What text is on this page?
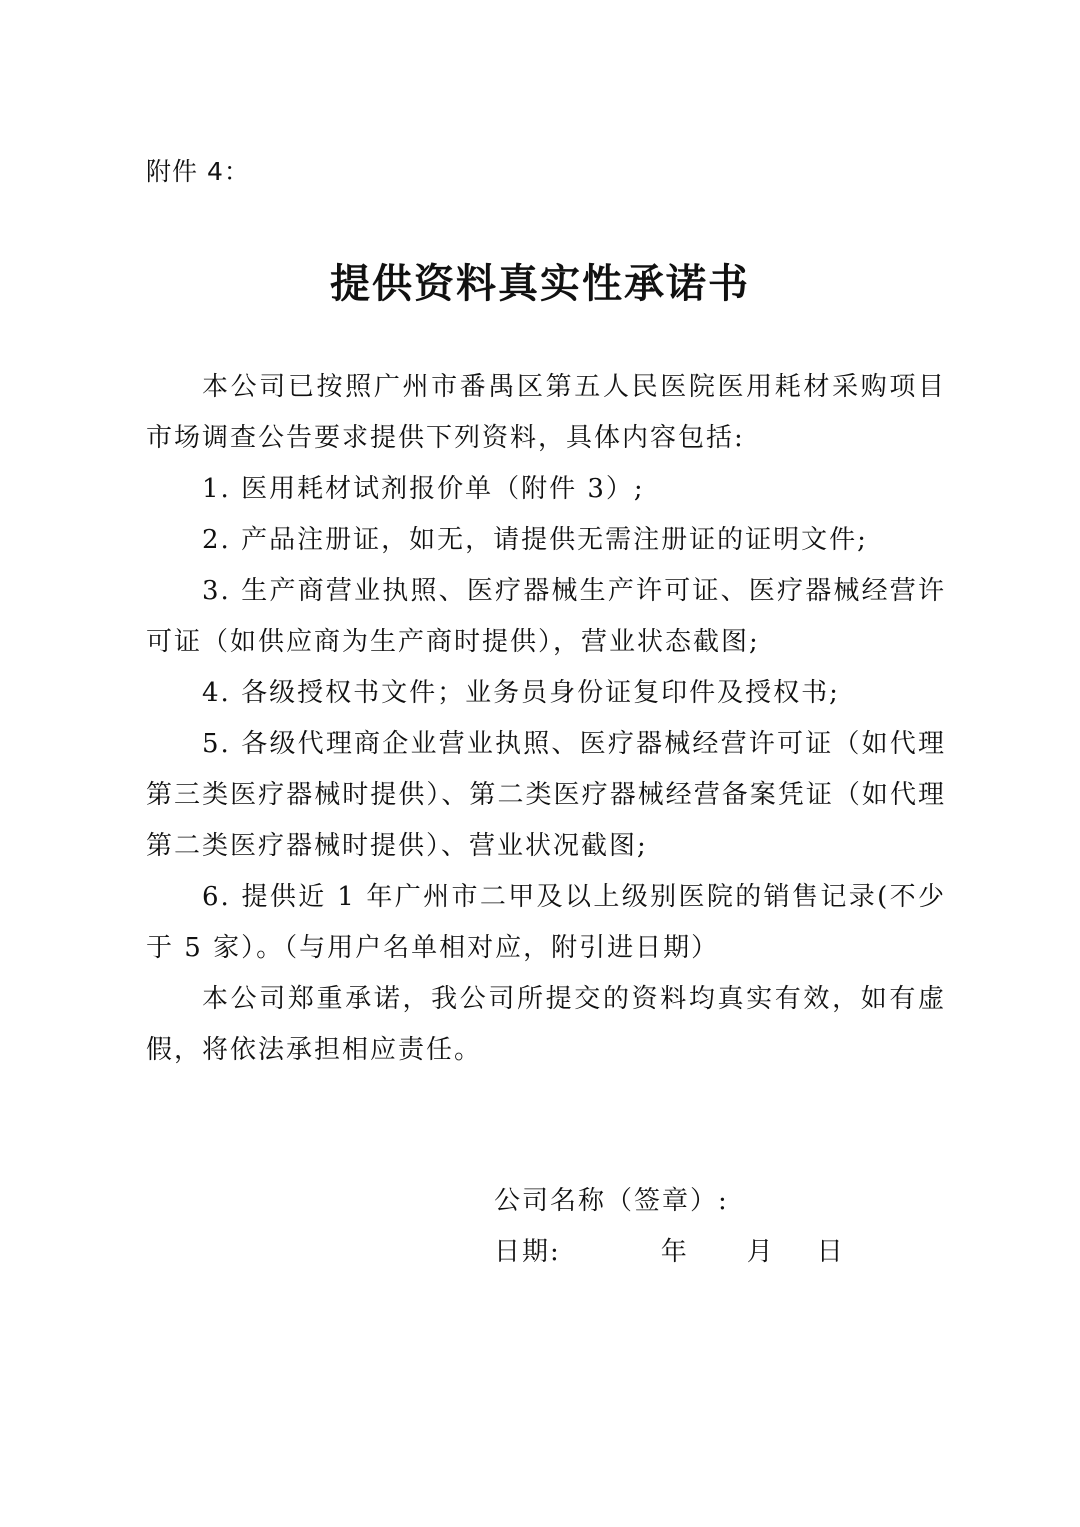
附件 4：
提供资料真实性承诺书

本公司已按照广州市番禺区第五人民医院医用耗材采购项目市场调查公告要求提供下列资料，具体内容包括:

1. 医用耗材试剂报价单（附件 3）;

2. 产品注册证，如无，请提供无需注册证的证明文件;

3. 生产商营业执照、医疗器械生产许可证、医疗器械经营许可证（如供应商为生产商时提供），营业状态截图;

4. 各级授权书文件；业务员身份证复印件及授权书;

5. 各级代理商企业营业执照、医疗器械经营许可证（如代理第三类医疗器械时提供）、第二类医疗器械经营备案凭证（如代理第二类医疗器械时提供）、营业状况截图;

6. 提供近 1 年广州市二甲及以上级别医院的销售记录(不少于 5 家）。（与用户名单相对应，附引进日期）

本公司郑重承诺，我公司所提交的资料均真实有效，如有虚假，将依法承担相应责任。

公司名称（签章）:
日期:	年 月 日
